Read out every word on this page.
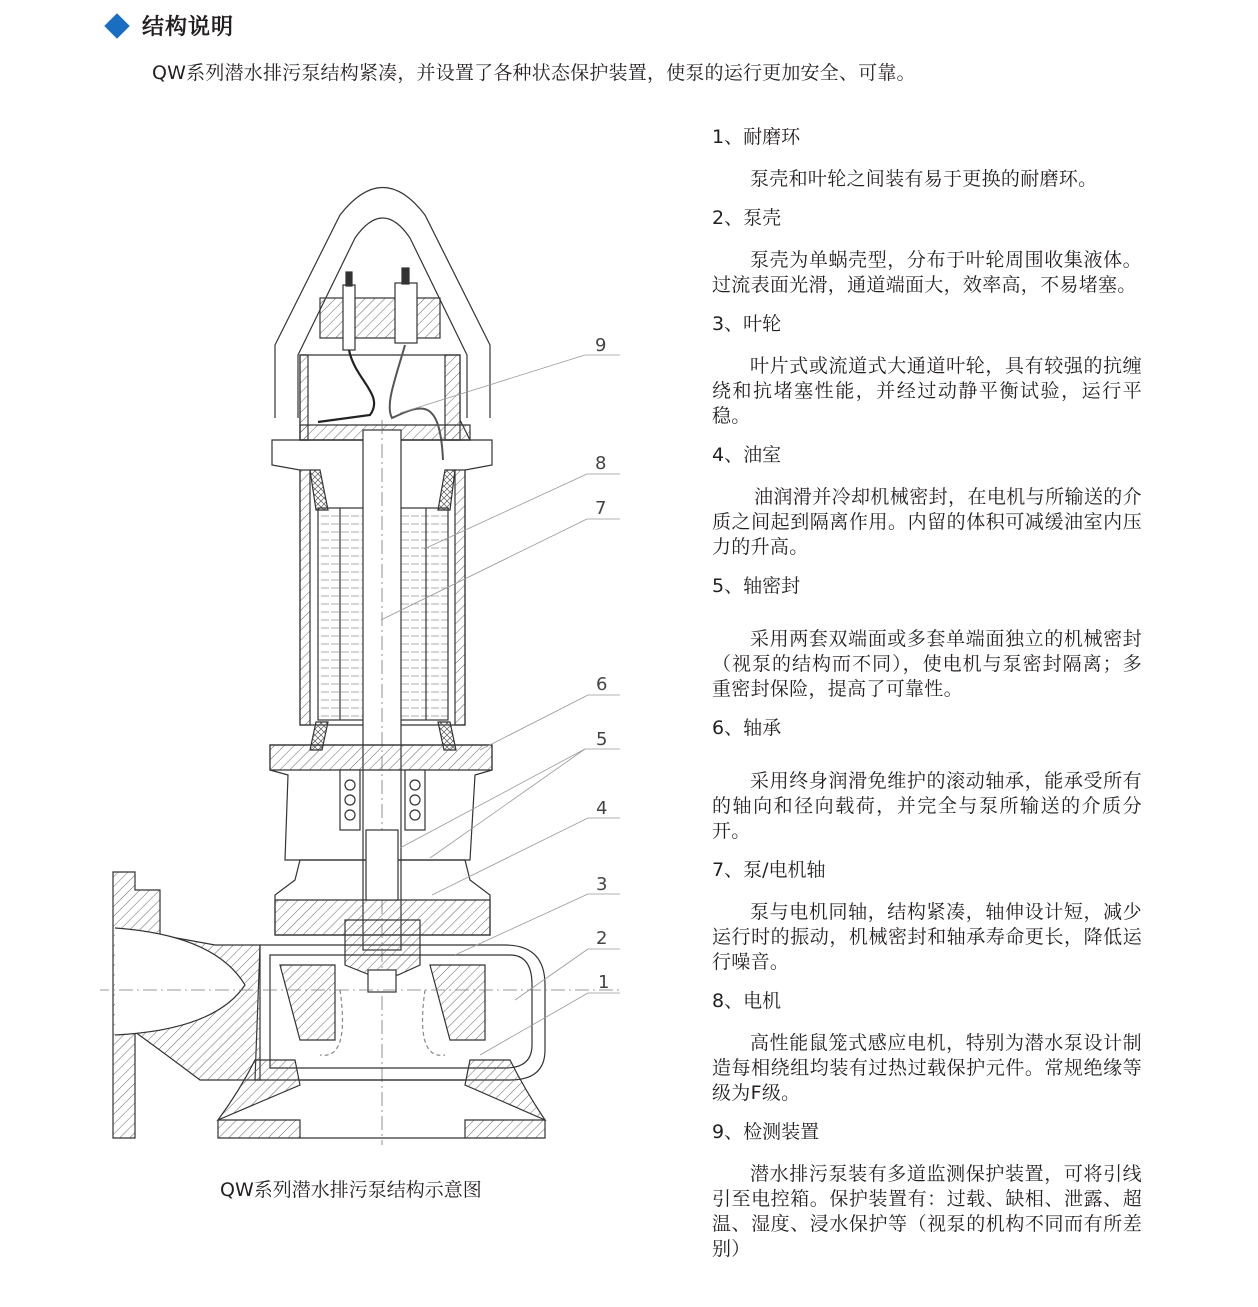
结构说明
QW系列潜水排污泵结构紧凑，并设置了各种状态保护装置，使泵的运行更加安全、可靠。
9
8
7
6
5
4
3
2
1
QW系列潜水排污泵结构示意图
1、耐磨环
泵壳和叶轮之间装有易于更换的耐磨环。
2、泵壳
泵壳为单蜗壳型，分布于叶轮周围收集液体。过流表面光滑，通道端面大，效率高，不易堵塞。
3、叶轮
叶片式或流道式大通道叶轮，具有较强的抗缠绕和抗堵塞性能，并经过动静平衡试验，运行平稳。
4、油室
油润滑并冷却机械密封，在电机与所输送的介质之间起到隔离作用。内留的体积可减缓油室内压力的升高。
5、轴密封
采用两套双端面或多套单端面独立的机械密封（视泵的结构而不同），使电机与泵密封隔离；多重密封保险，提高了可靠性。
6、轴承
采用终身润滑免维护的滚动轴承，能承受所有的轴向和径向载荷，并完全与泵所输送的介质分开。
7、泵/电机轴
泵与电机同轴，结构紧凑，轴伸设计短，减少运行时的振动，机械密封和轴承寿命更长，降低运行噪音。
8、电机
高性能鼠笼式感应电机，特别为潜水泵设计制造每相绕组均装有过热过载保护元件。常规绝缘等级为F级。
9、检测装置
潜水排污泵装有多道监测保护装置，可将引线引至电控箱。保护装置有：过载、缺相、泄露、超温、湿度、浸水保护等（视泵的机构不同而有所差别）
